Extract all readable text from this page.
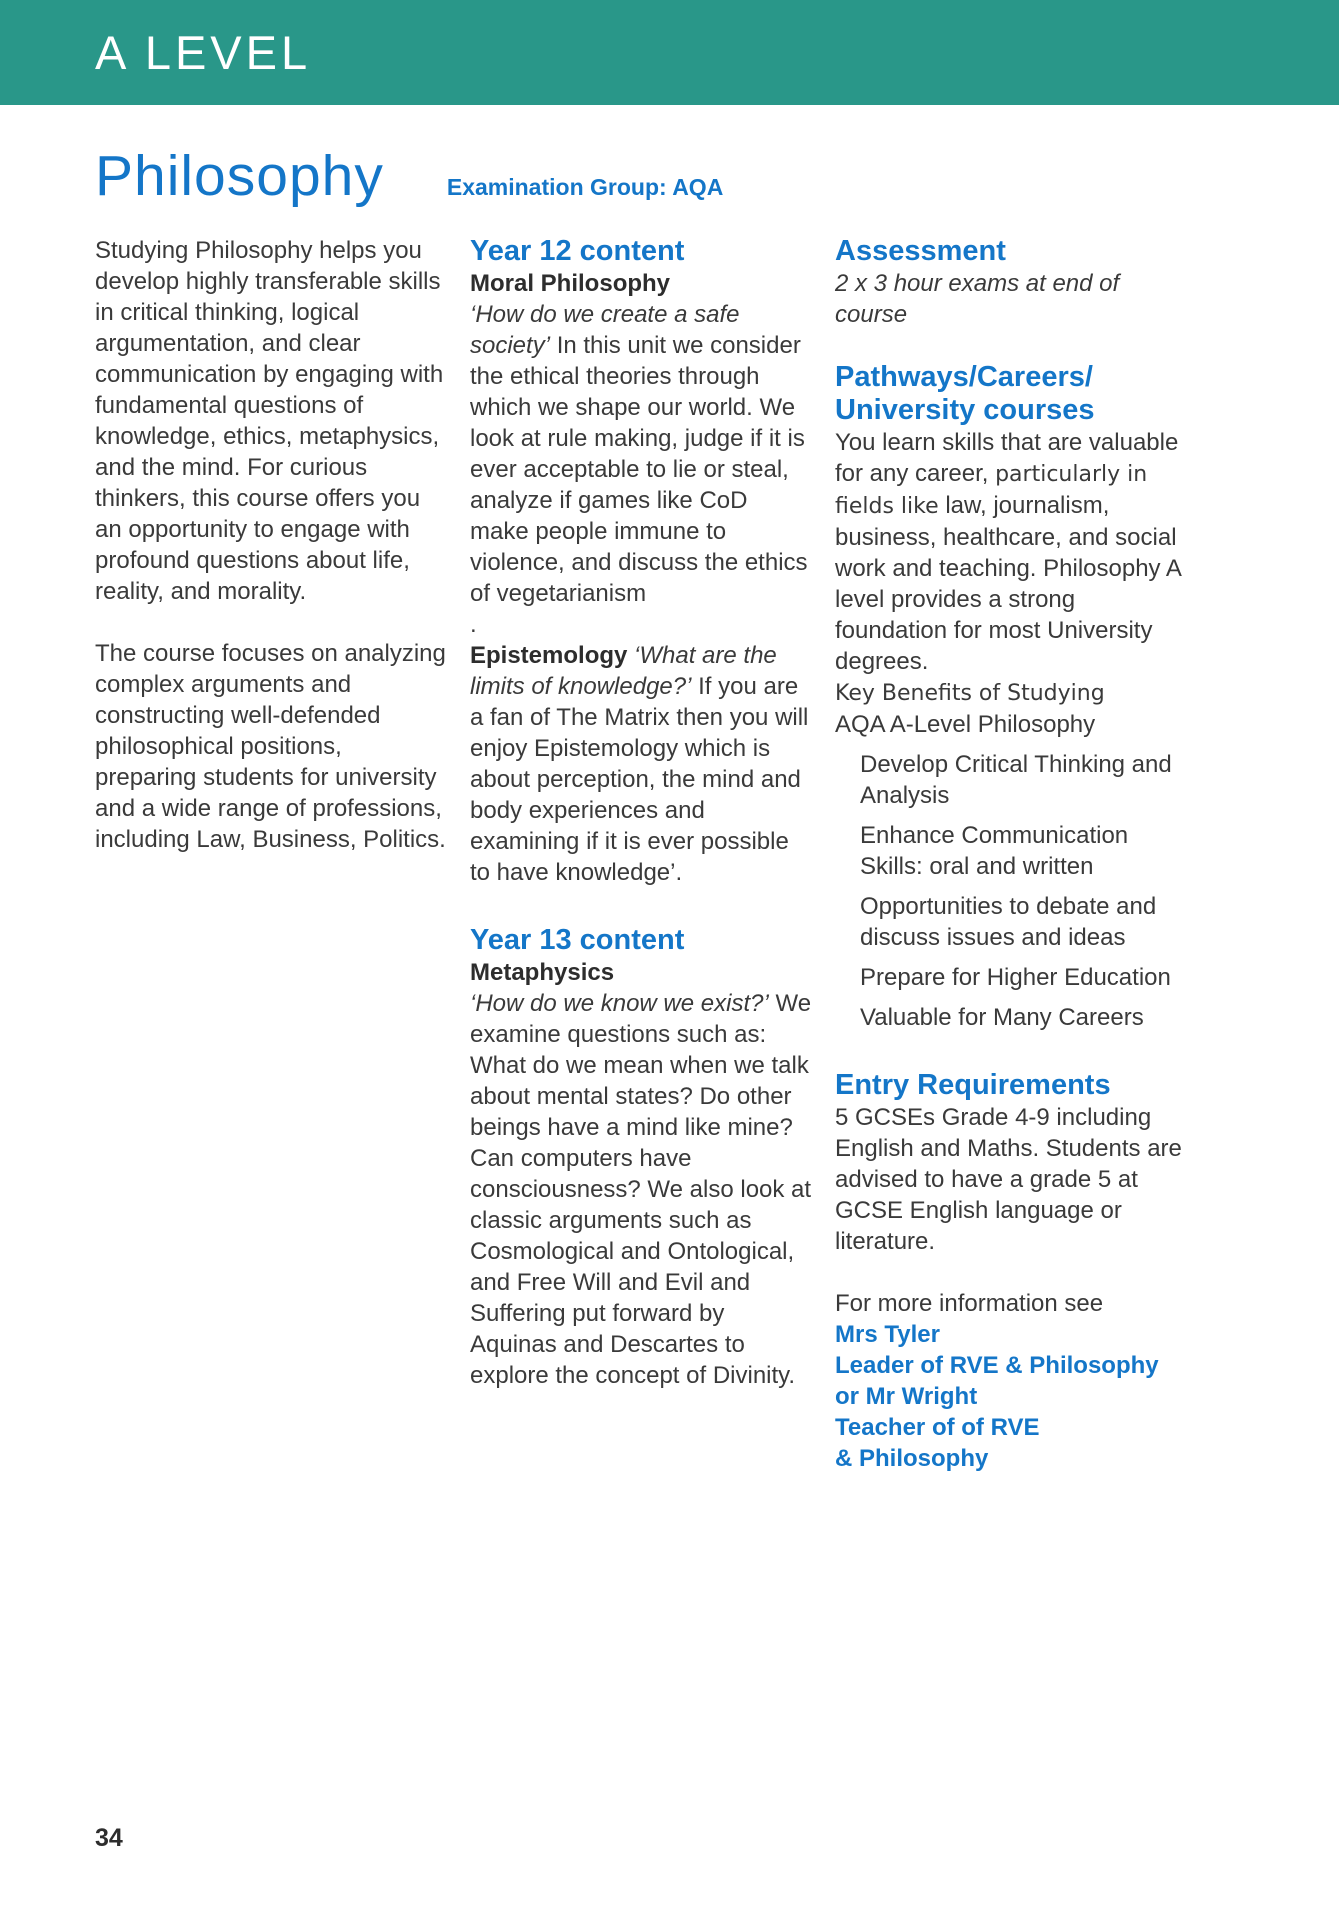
A LEVEL
Philosophy	Examination Group: AQA

Studying Philosophy helps you develop highly transferable skills in critical thinking, logical argumentation, and clear communication by engaging with fundamental questions of knowledge, ethics, metaphysics, and the mind. For curious thinkers, this course offers you an opportunity to engage with profound questions about life, reality, and morality.

The course focuses on analyzing complex arguments and constructing well-defended philosophical positions, preparing students for university and a wide range of professions, including Law, Business, Politics.

Year 12 content
Moral Philosophy

‘How do we create a safe society’ In this unit we consider the ethical theories through which we shape our world. We look at rule making, judge if it is ever acceptable to lie or steal, analyze if games like CoD make people immune to violence, and discuss the ethics of vegetarianism

.

Epistemology ‘What are the limits of knowledge?’ If you are a fan of The Matrix then you will enjoy Epistemology which is about perception, the mind and body experiences and examining if it is ever possible to have knowledge’.

Year 13 content
Metaphysics

‘How do we know we exist?’ We examine questions such as: What do we mean when we talk about mental states? Do other beings have a mind like mine? Can computers have consciousness? We also look at classic arguments such as Cosmological and Ontological, and Free Will and Evil and Suffering put forward by Aquinas and Descartes to explore the concept of Divinity.

Assessment

2 x 3 hour exams at end of course

Pathways/Careers/
University courses

You learn skills that are valuable for any career, particularly in fields like law, journalism, business, healthcare, and social work and teaching. Philosophy A level provides a strong foundation for most University degrees.

Key Benefits of Studying
AQA A-Level Philosophy

Develop Critical Thinking and Analysis
Enhance Communication Skills: oral and written
Opportunities to debate and discuss issues and ideas
Prepare for Higher Education
Valuable for Many Careers
Entry Requirements

5 GCSEs Grade 4-9 including English and Maths. Students are advised to have a grade 5 at GCSE English language or literature.

For more information see

Mrs Tyler
Leader of RVE & Philosophy
or Mr Wright
Teacher of of RVE
& Philosophy
34
